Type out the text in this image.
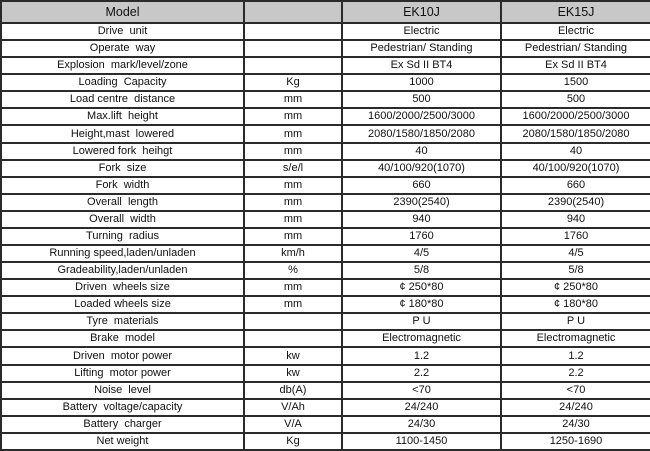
Model		EK10J	EK15J
Drive  unit		Electric	Electric
Operate  way		Pedestrian/ Standing	Pedestrian/ Standing
Explosion  mark/level/zone		Ex Sd II BT4	Ex Sd II BT4
Loading  Capacity	Kg	1000	1500
Load centre  distance	mm	500	500
Max.lift  height	mm	1600/2000/2500/3000	1600/2000/2500/3000
Height,mast  lowered	mm	2080/1580/1850/2080	2080/1580/1850/2080
Lowered fork  heihgt	mm	40	40
Fork  size	s/e/l	40/100/920(1070)	40/100/920(1070)
Fork  width	mm	660	660
Overall  length	mm	2390(2540)	2390(2540)
Overall  width	mm	940	940
Turning  radius	mm	1760	1760
Running speed,laden/unladen	km/h	4/5	4/5
Gradeability,laden/unladen	%	5/8	5/8
Driven  wheels size	mm	¢ 250*80	¢ 250*80
Loaded wheels size	mm	¢ 180*80	¢ 180*80
Tyre  materials		P U	P U
Brake  model		Electromagnetic	Electromagnetic
Driven  motor power	kw	1.2	1.2
Lifting  motor power	kw	2.2	2.2
Noise  level	db(A)	<70	<70
Battery  voltage/capacity	V/Ah	24/240	24/240
Battery  charger	V/A	24/30	24/30
Net weight	Kg	1100-1450	1250-1690
